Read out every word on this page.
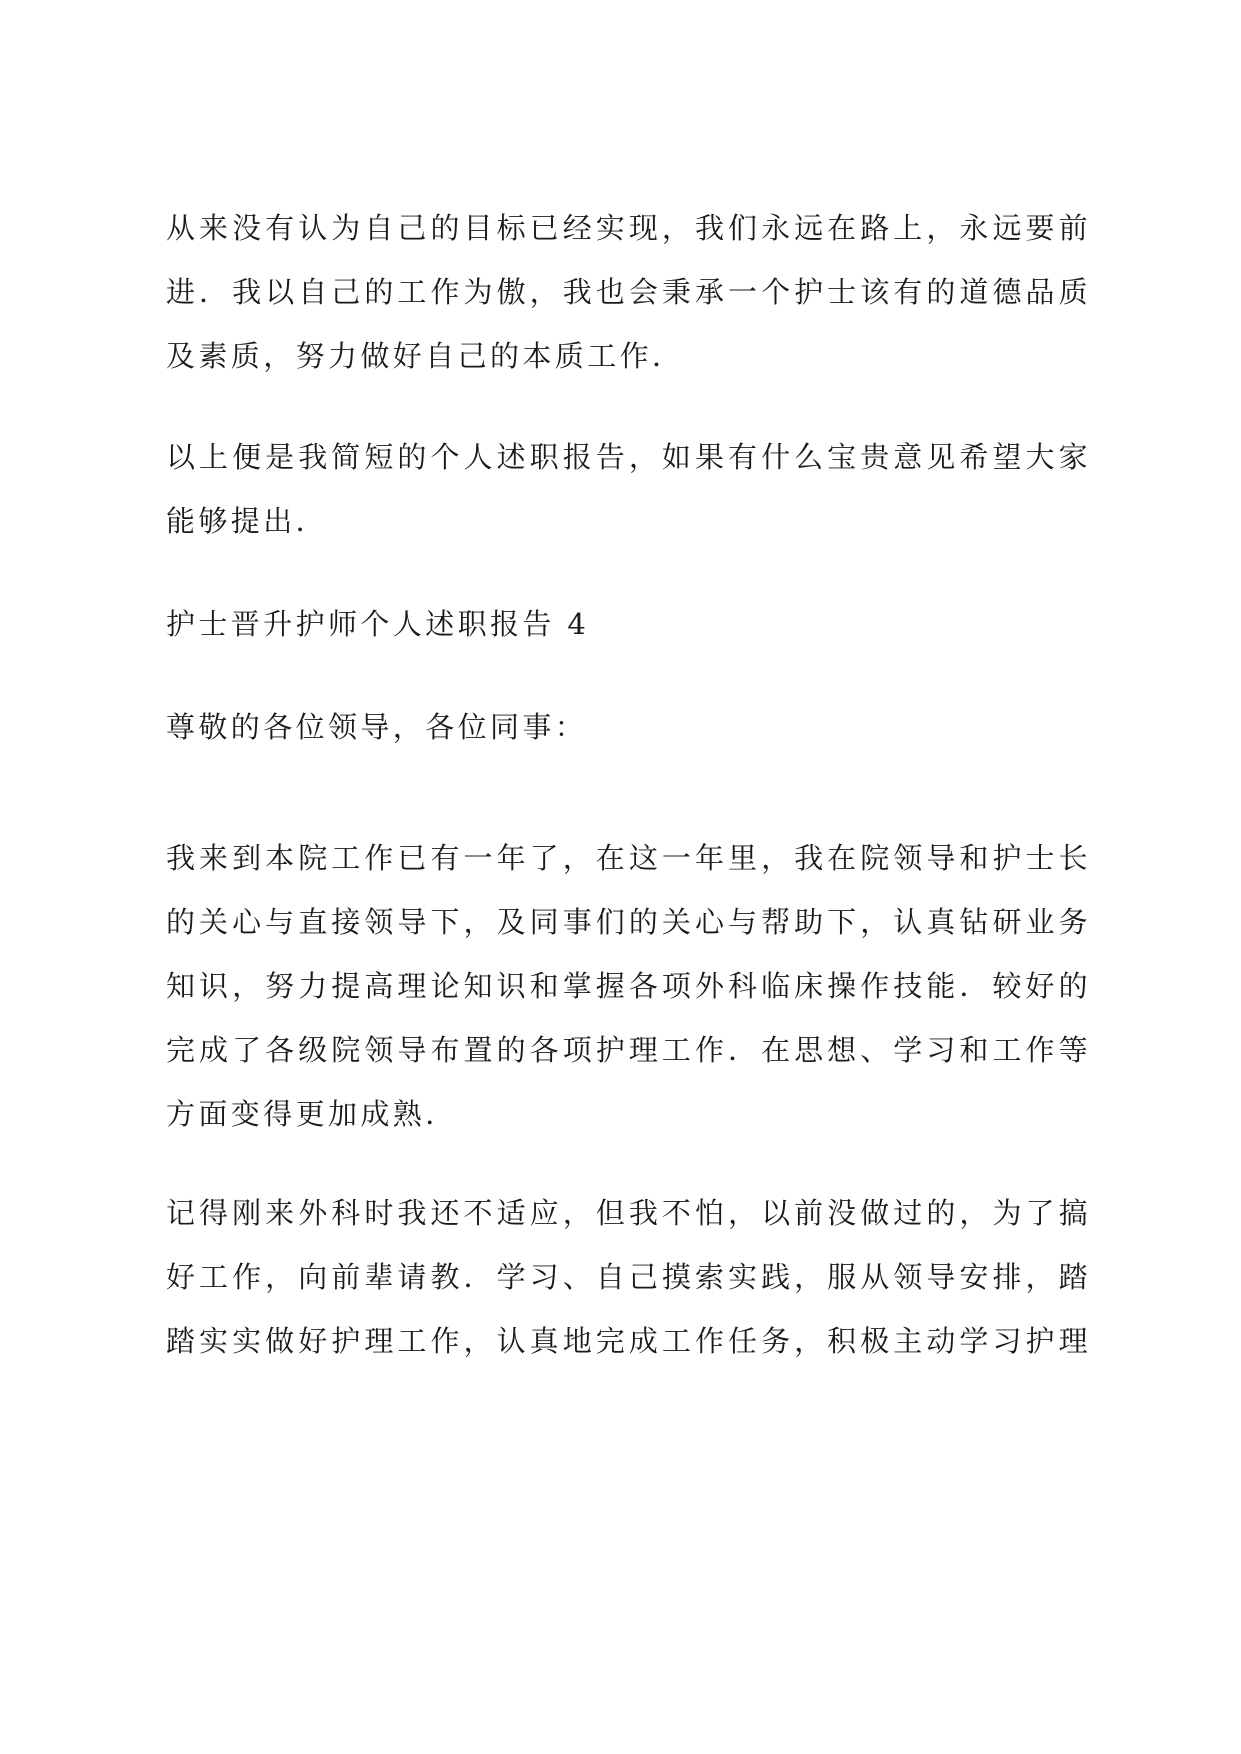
从来没有认为自己的目标已经实现，我们永远在路上，永远要前
进．我以自己的工作为傲，我也会秉承一个护士该有的道德品质
及素质，努力做好自己的本质工作．
以上便是我简短的个人述职报告，如果有什么宝贵意见希望大家
能够提出．
护士晋升护师个人述职报告 4
尊敬的各位领导，各位同事：
我来到本院工作已有一年了，在这一年里，我在院领导和护士长
的关心与直接领导下，及同事们的关心与帮助下，认真钻研业务
知识，努力提高理论知识和掌握各项外科临床操作技能．较好的
完成了各级院领导布置的各项护理工作．在思想、学习和工作等
方面变得更加成熟．
记得刚来外科时我还不适应，但我不怕，以前没做过的，为了搞
好工作，向前辈请教．学习、自己摸索实践，服从领导安排，踏
踏实实做好护理工作，认真地完成工作任务，积极主动学习护理
